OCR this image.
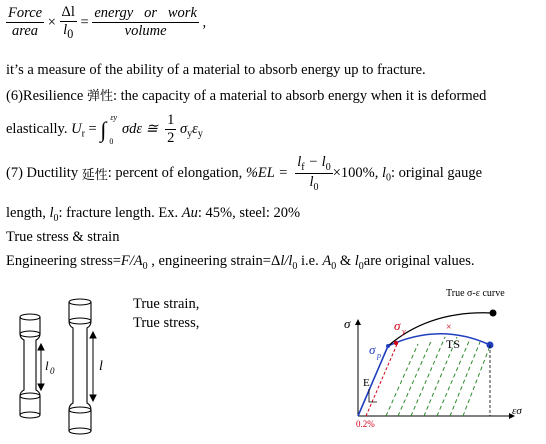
$\frac{\text{Force}}{\text{area}} \times \frac{\Delta l}{l_0} = \frac{\text{energy   or   work}}{\text{volume}}$ ,
it’s a measure of the ability of a material to absorb energy up to fracture.
(6)Resilience 弹性: the capacity of a material to absorb energy when it is deformed
elastically. $U_r$ = ∫ εy
0
σdε ≅ $\frac{1}{2} \sigma_y\varepsilon_y$
(7) Ductility 延性: percent of elongation, $\%EL = \frac{l_f - l_0}{l_0} \times 100\%$, $l_0$: original gauge
length, $l_0$: fracture length. Ex. Au: 45%, steel: 20%
True stress & strain
Engineering $stress=F/A_0$ , engineering $strain=\Delta l/l_0$ i.e. $A_0$ & $l_0are$ original values.
l 0	l
True strain,
True stress,
True σ-ε curve
σ
εσ
×
σ y
σ p
TS
E
0.2%
